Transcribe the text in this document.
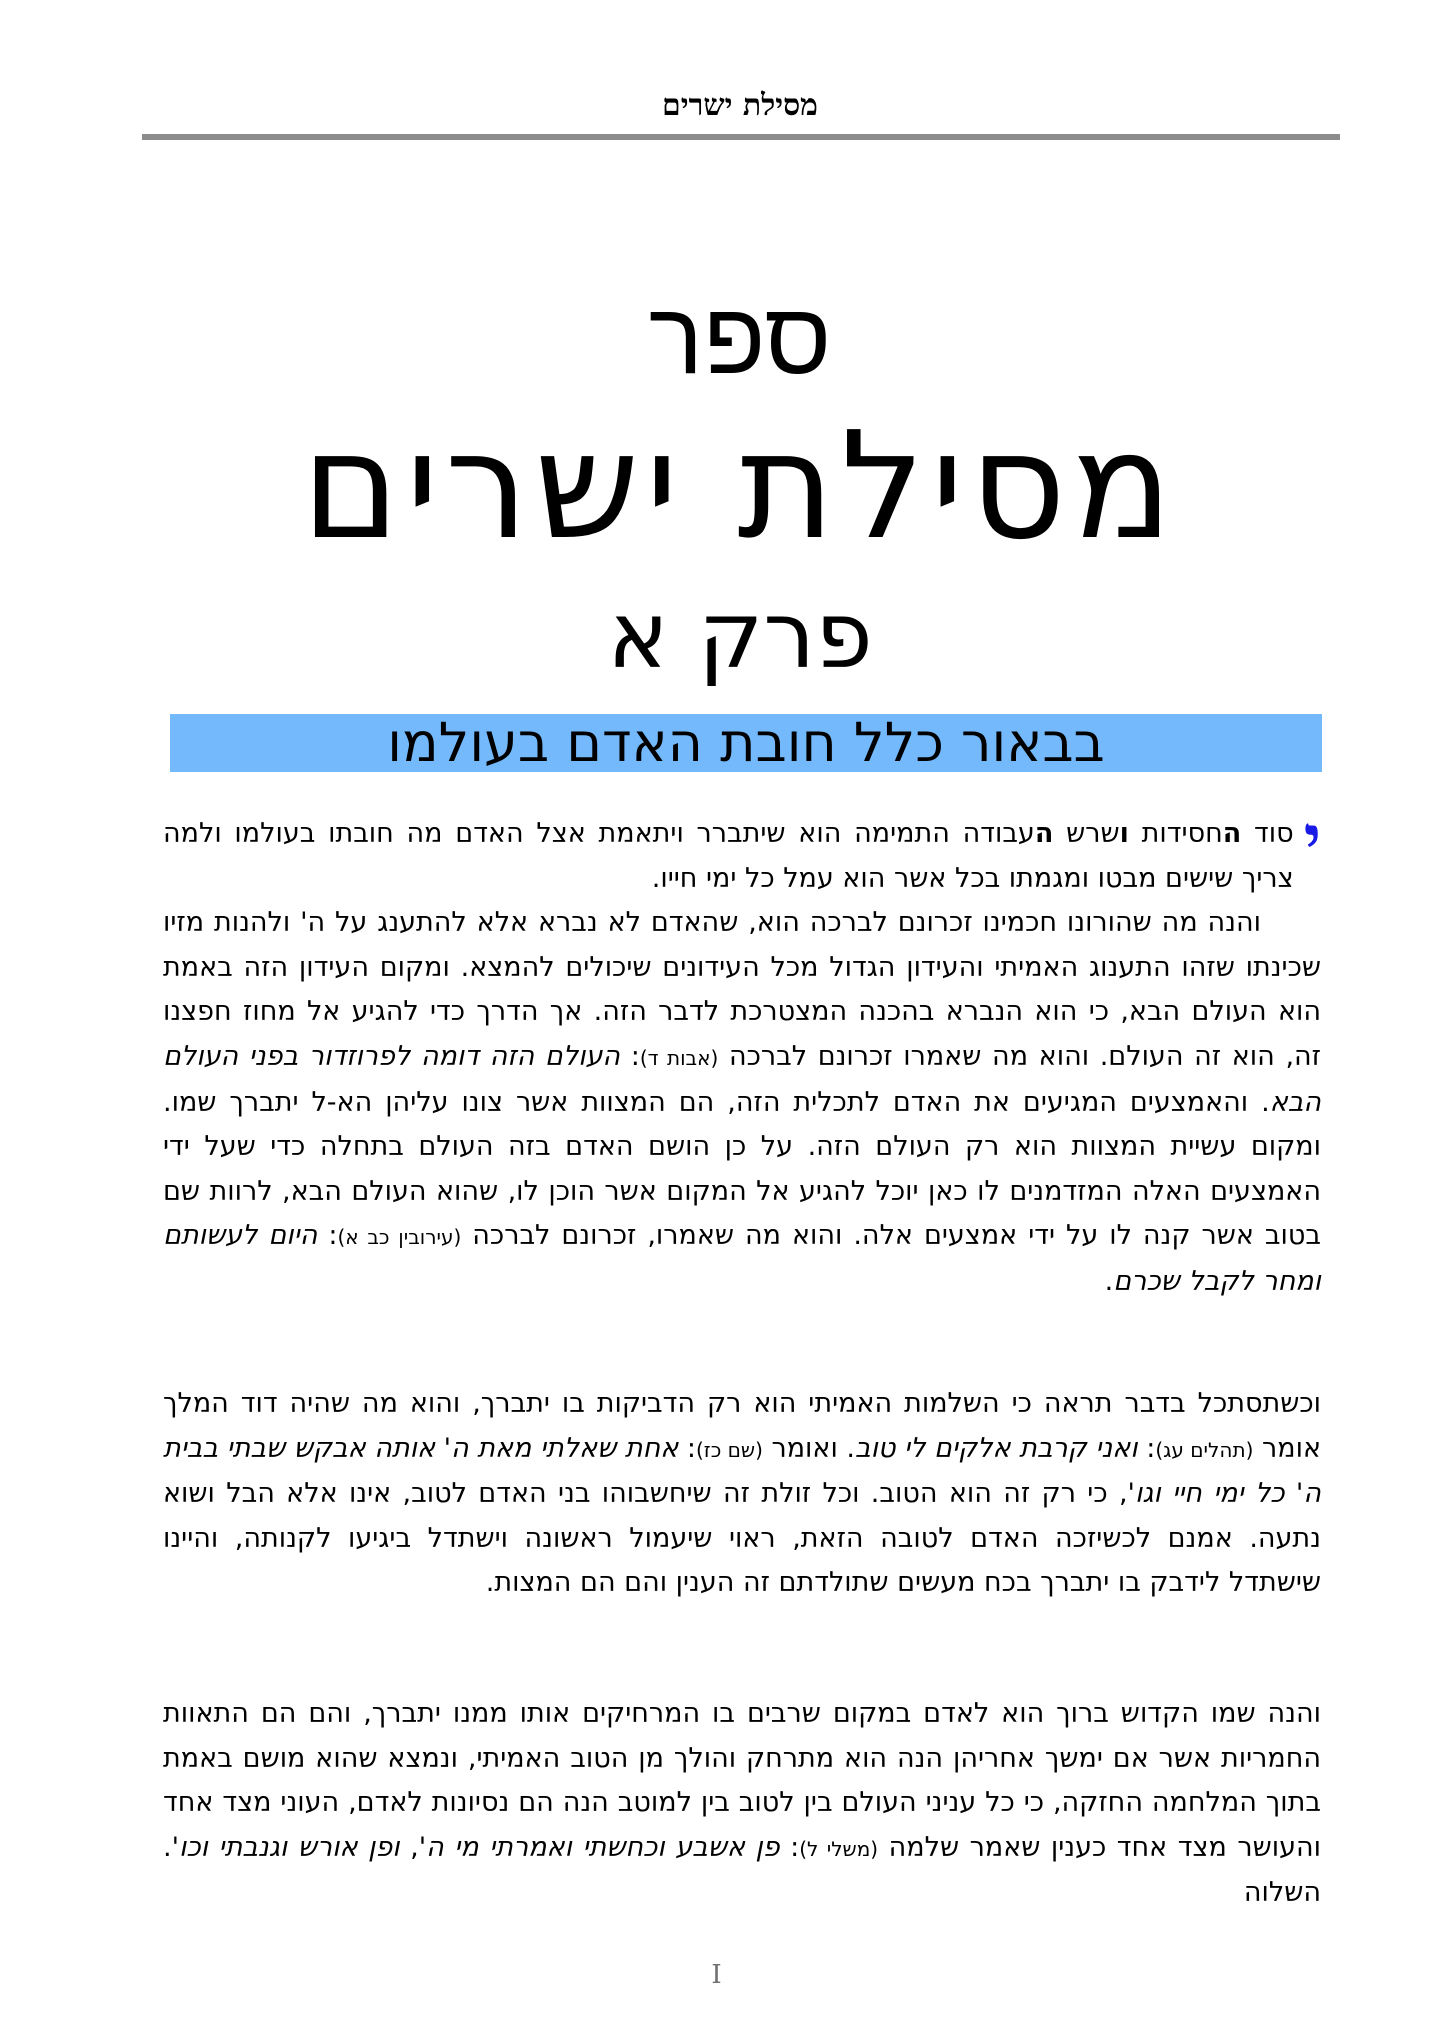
מסילת ישרים
ספר
מסילת ישרים
פרק א
בבאור כלל חובת האדם בעולמו
י

סוד החסידות ושרש העבודה התמימה הוא שיתברר ויתאמת אצל האדם מה חובתו בעולמו ולמה צריך שישים מבטו ומגמתו בכל אשר הוא עמל כל ימי חייו.

והנה מה שהורונו חכמינו זכרונם לברכה הוא, שהאדם לא נברא אלא להתענג על ה' ולהנות מזיו שכינתו שזהו התענוג האמיתי והעידון הגדול מכל העידונים שיכולים להמצא. ומקום העידון הזה באמת הוא העולם הבא, כי הוא הנברא בהכנה המצטרכת לדבר הזה. אך הדרך כדי להגיע אל מחוז חפצנו זה, הוא זה העולם. והוא מה שאמרו זכרונם לברכה (אבות ד): העולם הזה דומה לפרוזדור בפני העולם הבא. והאמצעים המגיעים את האדם לתכלית הזה, הם המצוות אשר צונו עליהן הא-ל יתברך שמו. ומקום עשיית המצוות הוא רק העולם הזה. על כן הושם האדם בזה העולם בתחלה כדי שעל ידי האמצעים האלה המזדמנים לו כאן יוכל להגיע אל המקום אשר הוכן לו, שהוא העולם הבא, לרוות שם בטוב אשר קנה לו על ידי אמצעים אלה. והוא מה שאמרו, זכרונם לברכה (עירובין כב א): היום לעשותם ומחר לקבל שכרם.

וכשתסתכל בדבר תראה כי השלמות האמיתי הוא רק הדביקות בו יתברך, והוא מה שהיה דוד המלך אומר (תהלים עג): ואני קרבת אלקים לי טוב. ואומר (שם כז): אחת שאלתי מאת ה' אותה אבקש שבתי בבית ה' כל ימי חיי וגו', כי רק זה הוא הטוב. וכל זולת זה שיחשבוהו בני האדם לטוב, אינו אלא הבל ושוא נתעה. אמנם לכשיזכה האדם לטובה הזאת, ראוי שיעמול ראשונה וישתדל ביגיעו לקנותה, והיינו שישתדל לידבק בו יתברך בכח מעשים שתולדתם זה הענין והם הם המצות.

והנה שמו הקדוש ברוך הוא לאדם במקום שרבים בו המרחיקים אותו ממנו יתברך, והם הם התאוות החמריות אשר אם ימשך אחריהן הנה הוא מתרחק והולך מן הטוב האמיתי, ונמצא שהוא מושם באמת בתוך המלחמה החזקה, כי כל עניני העולם בין לטוב בין למוטב הנה הם נסיונות לאדם, העוני מצד אחד והעושר מצד אחד כענין שאמר שלמה (משלי ל): פן אשבע וכחשתי ואמרתי מי ה', ופן אורש וגנבתי וכו'. השלוה

I
